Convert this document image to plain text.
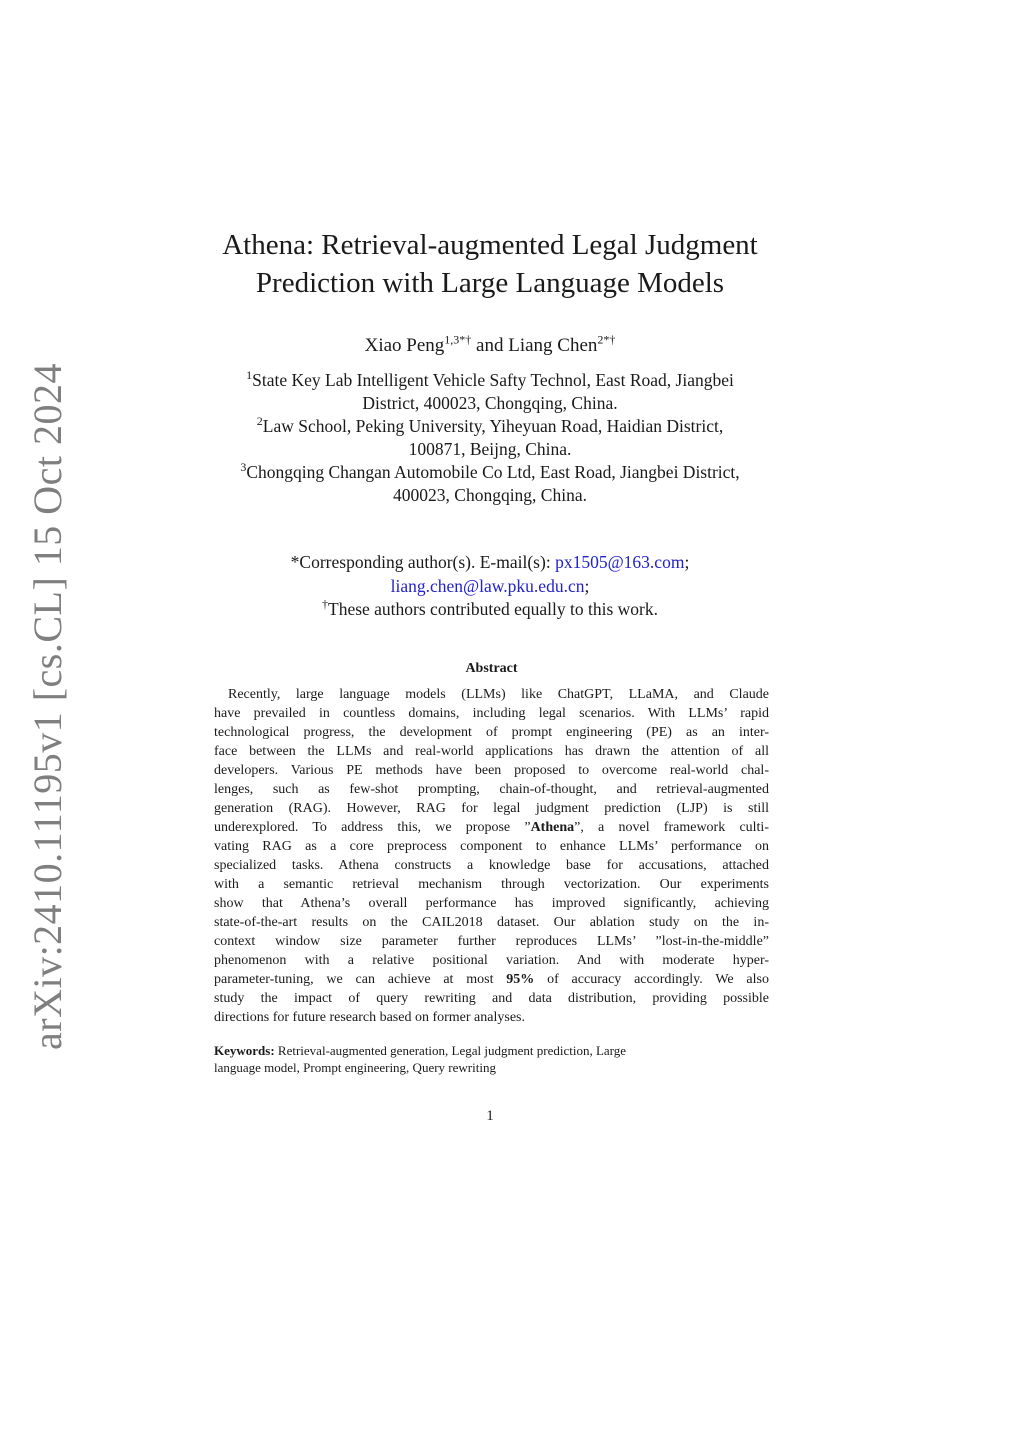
arXiv:2410.11195v1 [cs.CL] 15 Oct 2024
Athena: Retrieval-augmented Legal Judgment
Prediction with Large Language Models
Xiao Peng$^{1,3*\dagger}$ and Liang Chen$^{2*\dagger}$
$^1$State Key Lab Intelligent Vehicle Safty Technol, East Road, Jiangbei
District, 400023, Chongqing, China.
$^2$Law School, Peking University, Yiheyuan Road, Haidian District,
100871, Beijng, China.
$^3$Chongqing Changan Automobile Co Ltd, East Road, Jiangbei District,
400023, Chongqing, China.
*Corresponding author(s). E-mail(s): px1505@163.com;
liang.chen@law.pku.edu.cn;
†These authors contributed equally to this work.
Abstract
Recently, large language models (LLMs) like ChatGPT, LLaMA, and Claude
have prevailed in countless domains, including legal scenarios. With LLMs’ rapid
technological progress, the development of prompt engineering (PE) as an inter-
face between the LLMs and real-world applications has drawn the attention of all
developers. Various PE methods have been proposed to overcome real-world chal-
lenges, such as few-shot prompting, chain-of-thought, and retrieval-augmented
generation (RAG). However, RAG for legal judgment prediction (LJP) is still
underexplored. To address this, we propose ”Athena”, a novel framework culti-
vating RAG as a core preprocess component to enhance LLMs’ performance on
specialized tasks. Athena constructs a knowledge base for accusations, attached
with a semantic retrieval mechanism through vectorization. Our experiments
show that Athena’s overall performance has improved significantly, achieving
state-of-the-art results on the CAIL2018 dataset. Our ablation study on the in-
context window size parameter further reproduces LLMs’ ”lost-in-the-middle”
phenomenon with a relative positional variation. And with moderate hyper-
parameter-tuning, we can achieve at most 95% of accuracy accordingly. We also
study the impact of query rewriting and data distribution, providing possible
directions for future research based on former analyses.
Keywords: Retrieval-augmented generation, Legal judgment prediction, Large
language model, Prompt engineering, Query rewriting
1
